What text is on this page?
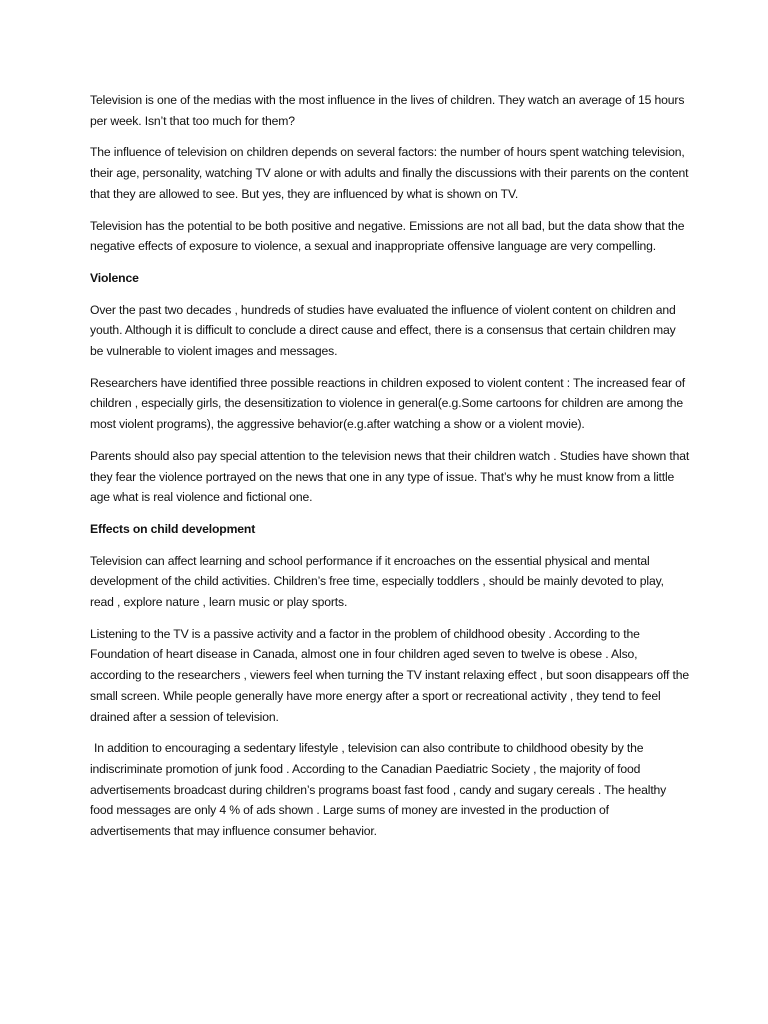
Television is one of the medias with the most influence in the lives of children. They watch an average of 15 hours per week. Isn’t that too much for them?

The influence of television on children depends on several factors: the number of hours spent watching television, their age, personality, watching TV alone or with adults and finally the discussions with their parents on the content that they are allowed to see. But yes, they are influenced by what is shown on TV.

Television has the potential to be both positive and negative. Emissions are not all bad, but the data show that the negative effects of exposure to violence, a sexual and inappropriate offensive language are very compelling.

Violence

Over the past two decades , hundreds of studies have evaluated the influence of violent content on children and youth. Although it is difficult to conclude a direct cause and effect, there is a consensus that certain children may be vulnerable to violent images and messages.

Researchers have identified three possible reactions in children exposed to violent content : The increased fear of children , especially girls, the desensitization to violence in general(e.g.Some cartoons for children are among the most violent programs), the aggressive behavior(e.g.after watching a show or a violent movie).

Parents should also pay special attention to the television news that their children watch . Studies have shown that they fear the violence portrayed on the news that one in any type of issue. That’s why he must know from a little age what is real violence and fictional one.

Effects on child development

Television can affect learning and school performance if it encroaches on the essential physical and mental development of the child activities. Children’s free time, especially toddlers , should be mainly devoted to play, read , explore nature , learn music or play sports.

Listening to the TV is a passive activity and a factor in the problem of childhood obesity . According to the Foundation of heart disease in Canada, almost one in four children aged seven to twelve is obese . Also, according to the researchers , viewers feel when turning the TV instant relaxing effect , but soon disappears off the small screen. While people generally have more energy after a sport or recreational activity , they tend to feel drained after a session of television.

In addition to encouraging a sedentary lifestyle , television can also contribute to childhood obesity by the indiscriminate promotion of junk food . According to the Canadian Paediatric Society , the majority of food advertisements broadcast during children’s programs boast fast food , candy and sugary cereals . The healthy food messages are only 4 % of ads shown . Large sums of money are invested in the production of advertisements that may influence consumer behavior.
